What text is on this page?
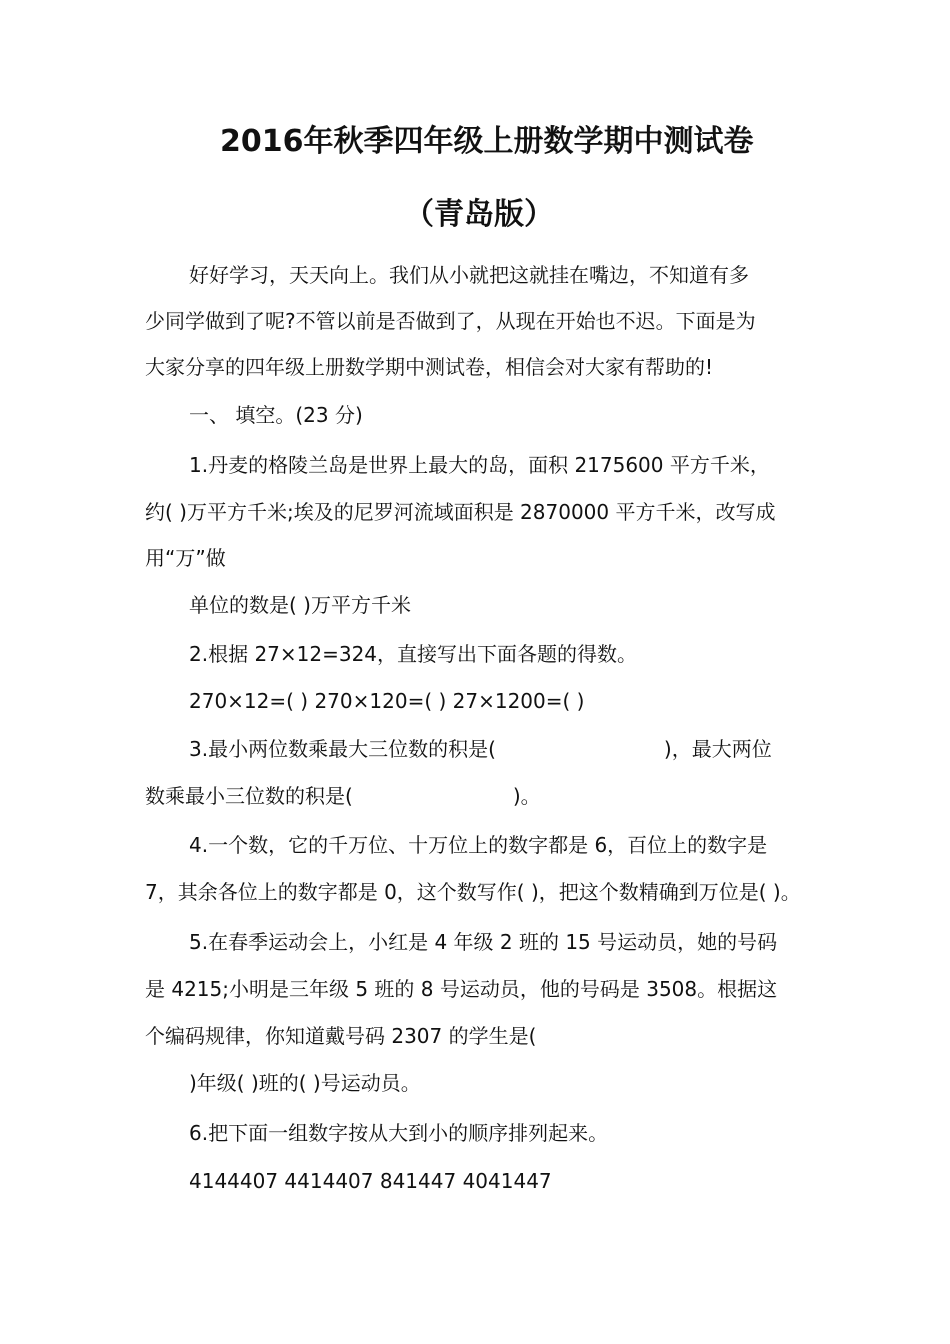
2016年秋季四年级上册数学期中测试卷
（青岛版）

好好学习，天天向上。我们从小就把这就挂在嘴边，不知道有多

少同学做到了呢?不管以前是否做到了，从现在开始也不迟。下面是为

大家分享的四年级上册数学期中测试卷，相信会对大家有帮助的!

一、 填空。(23 分)

1.丹麦的格陵兰岛是世界上最大的岛，面积 2175600 平方千米，

约( )万平方千米;埃及的尼罗河流域面积是 2870000 平方千米，改写成

用“万”做

单位的数是( )万平方千米

2.根据 27×12=324，直接写出下面各题的得数。

270×12=( ) 270×120=( ) 27×1200=( )

3.最小两位数乘最大三位数的积是(	)，最大两位

数乘最小三位数的积是(	)。

4.一个数，它的千万位、十万位上的数字都是 6，百位上的数字是

7，其余各位上的数字都是 0，这个数写作( )，把这个数精确到万位是( )。

5.在春季运动会上，小红是 4 年级 2 班的 15 号运动员，她的号码

是 4215;小明是三年级 5 班的 8 号运动员，他的号码是 3508。根据这

个编码规律，你知道戴号码 2307 的学生是(

)年级( )班的( )号运动员。

6.把下面一组数字按从大到小的顺序排列起来。

4144407 4414407 841447 4041447
